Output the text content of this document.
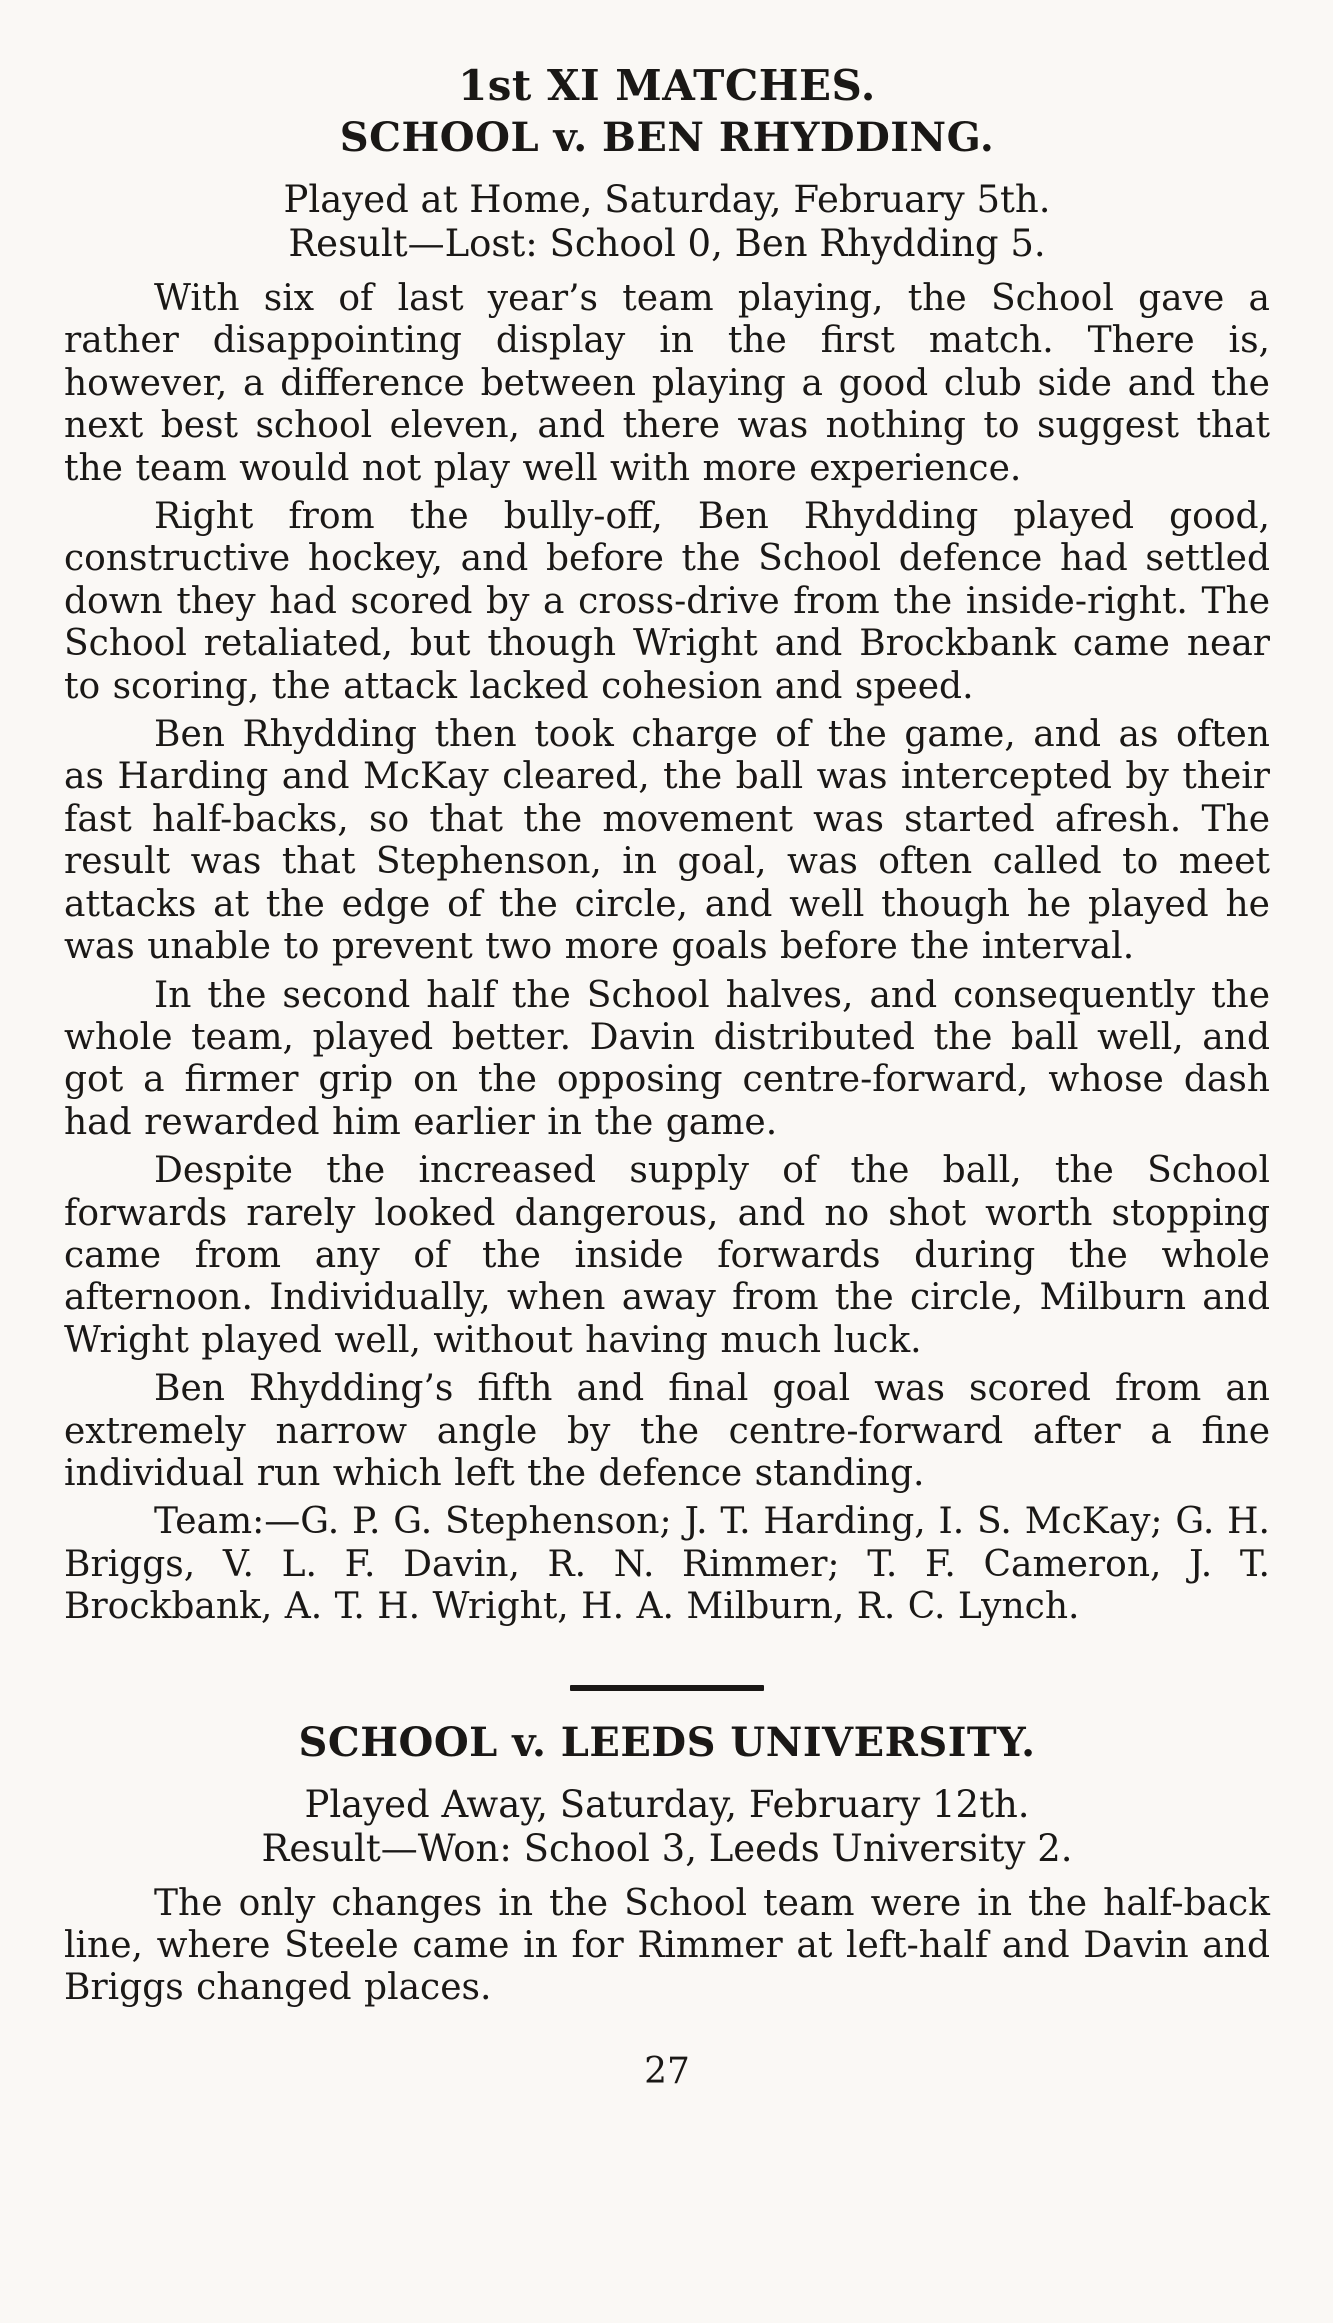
1st XI MATCHES.
SCHOOL v. BEN RHYDDING.

Played at Home, Saturday, February 5th.

Result—Lost: School 0, Ben Rhydding 5.

With six of last year’s team playing, the School gave a rather disappointing display in the first match. There is, however, a difference between playing a good club side and the next best school eleven, and there was nothing to suggest that the team would not play well with more experience.

Right from the bully-off, Ben Rhydding played good, constructive hockey, and before the School defence had settled down they had scored by a cross-drive from the inside-right. The School retaliated, but though Wright and Brockbank came near to scoring, the attack lacked cohesion and speed.

Ben Rhydding then took charge of the game, and as often as Harding and McKay cleared, the ball was intercepted by their fast half-backs, so that the movement was started afresh. The result was that Stephenson, in goal, was often called to meet attacks at the edge of the circle, and well though he played he was unable to prevent two more goals before the interval.

In the second half the School halves, and consequently the whole team, played better. Davin distributed the ball well, and got a firmer grip on the opposing centre-forward, whose dash had rewarded him earlier in the game.

Despite the increased supply of the ball, the School forwards rarely looked dangerous, and no shot worth stopping came from any of the inside forwards during the whole afternoon. Individually, when away from the circle, Milburn and Wright played well, without having much luck.

Ben Rhydding’s fifth and final goal was scored from an extremely narrow angle by the centre-forward after a fine individual run which left the defence standing.

Team:—G. P. G. Stephenson; J. T. Harding, I. S. McKay; G. H. Briggs, V. L. F. Davin, R. N. Rimmer; T. F. Cameron, J. T. Brockbank, A. T. H. Wright, H. A. Milburn, R. C. Lynch.

SCHOOL v. LEEDS UNIVERSITY.

Played Away, Saturday, February 12th.

Result—Won: School 3, Leeds University 2.

The only changes in the School team were in the half-back line, where Steele came in for Rimmer at left-half and Davin and Briggs changed places.

27
